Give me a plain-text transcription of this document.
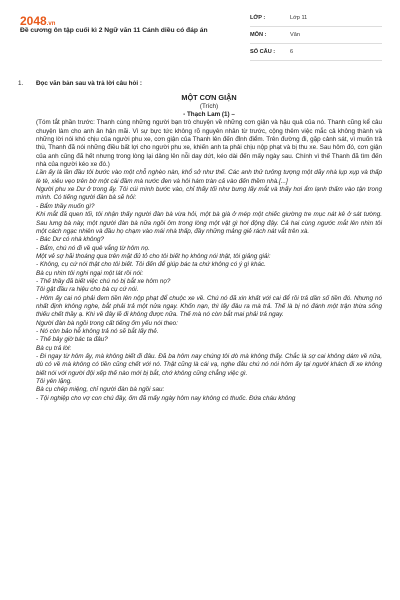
2048.vn
Đề cương ôn tập cuối kì 2 Ngữ văn 11 Cánh diều có đáp án
LỚP :	Lớp 11
MÔN :	Văn
SỐ CÂU :	6
1.	Đọc văn bản sau và trả lời câu hỏi :

MỘT CƠN GIẬN

(Trích)

- Thạch Lam (1) –

(Tóm tắt phần trước: Thanh cùng những người bạn trò chuyện về những cơn giận và hậu quả của nó. Thanh cũng kể câu chuyện làm cho anh ân hận mãi. Vì sự bực tức không rõ nguyên nhân từ trước, cộng thêm việc mắc cả không thành và những lời nói khó chịu của người phu xe, cơn giận của Thanh lên đến đỉnh điểm. Trên đường đi, gặp cảnh sát, vì muốn trả thù, Thanh đã nói những điều bất lợi cho người phu xe, khiến anh ta phải chịu nộp phạt và bị thu xe. Sau hôm đó, cơn giận của anh cũng đã hết nhưng trong lòng lại dâng lên nỗi day dứt, kéo dài đến mấy ngày sau. Chính vì thế Thanh đã tìm đến nhà của người kéo xe đó.)

Lần ấy là lần đầu tôi bước vào một chỗ nghèo nàn, khổ sở như thế. Các anh thử tưởng tượng một dãy nhà lụp xụp và thấp lè tè, xiêu vẹo trên bờ một cái đầm mà nước đen và hôi hám tràn cả vào đến thềm nhà.[...]

Người phu xe Dư ở trong ấy. Tôi cúi mình bước vào, chỉ thấy tối như bưng lấy mắt và thấy hơi ẩm lạnh thấm vào tận trong mình. Có tiếng người đàn bà sẽ hỏi:

- Bẩm thầy muốn gì?

Khi mắt đã quen tối, tôi nhận thấy người đàn bà vừa hỏi, một bà già ở mép một chiếc giường tre mục nát kê ở sát tường. Sau lưng bà này, một người đàn bà nữa ngồi ôm trong lòng một vật gì hơi động đậy. Cả hai cùng ngước mắt lên nhìn tôi một cách ngạc nhiên và đầu họ chạm vào mái nhà thấp, đầy những mảng giẻ rách nát vắt trên xà.

- Bác Dư có nhà không?

- Bẩm, chú nó đi về quê vắng từ hôm nọ.

Một vẻ sợ hãi thoáng qua trên mặt đủ tỏ cho tôi biết họ không nói thật, tôi giảng giải:

- Không, cụ cứ nói thật cho tôi biết. Tôi đến để giúp bác ta chứ không có ý gì khác.

Bà cụ nhìn tôi nghi ngại một lát rồi nói:

- Thế thầy đã biết việc chú nó bị bắt xe hôm nọ?

Tôi gật đầu ra hiệu cho bà cụ cứ nói.

- Hôm ấy cai nó phải đem tiền lên nộp phạt để chuộc xe về. Chú nó đã xin khất với cai để rồi trả dần số tiền đó. Nhưng nó nhất định không nghe, bắt phải trả một nửa ngay. Khốn nạn, thì lấy đâu ra mà trả. Thế là bị nó đánh một trận thừa sống thiếu chết thầy ạ. Khi về đây lẽ đi không được nữa. Thế mà nó còn bắt mai phải trả ngay.

Người đàn bà ngồi trong cất tiếng ốm yếu nói theo:

- Nó còn bảo hễ không trả nó sẽ bắt lấy thẻ.

- Thế bây giờ bác ta đâu?

Bà cụ trả lời:

- Đi ngay từ hôm ấy, mà không biết đi đâu. Đã ba hôm nay chúng tôi dò mà không thấy. Chắc là sợ cai không dám về nữa, dù có về mà không có tiền cũng chết với nó. Thật cũng là cái vạ, nghe đâu chú nó nói hôm ấy tại người khách đi xe không biết nói với người đội xếp thế nào mới bị bắt, chớ không cũng chẳng việc gì.

Tôi yên lặng.

Bà cụ chép miệng, chỉ người đàn bà ngồi sau:

- Tội nghiệp cho vợ con chú đây, ốm đã mấy ngày hôm nay không có thuốc. Đứa cháu không
